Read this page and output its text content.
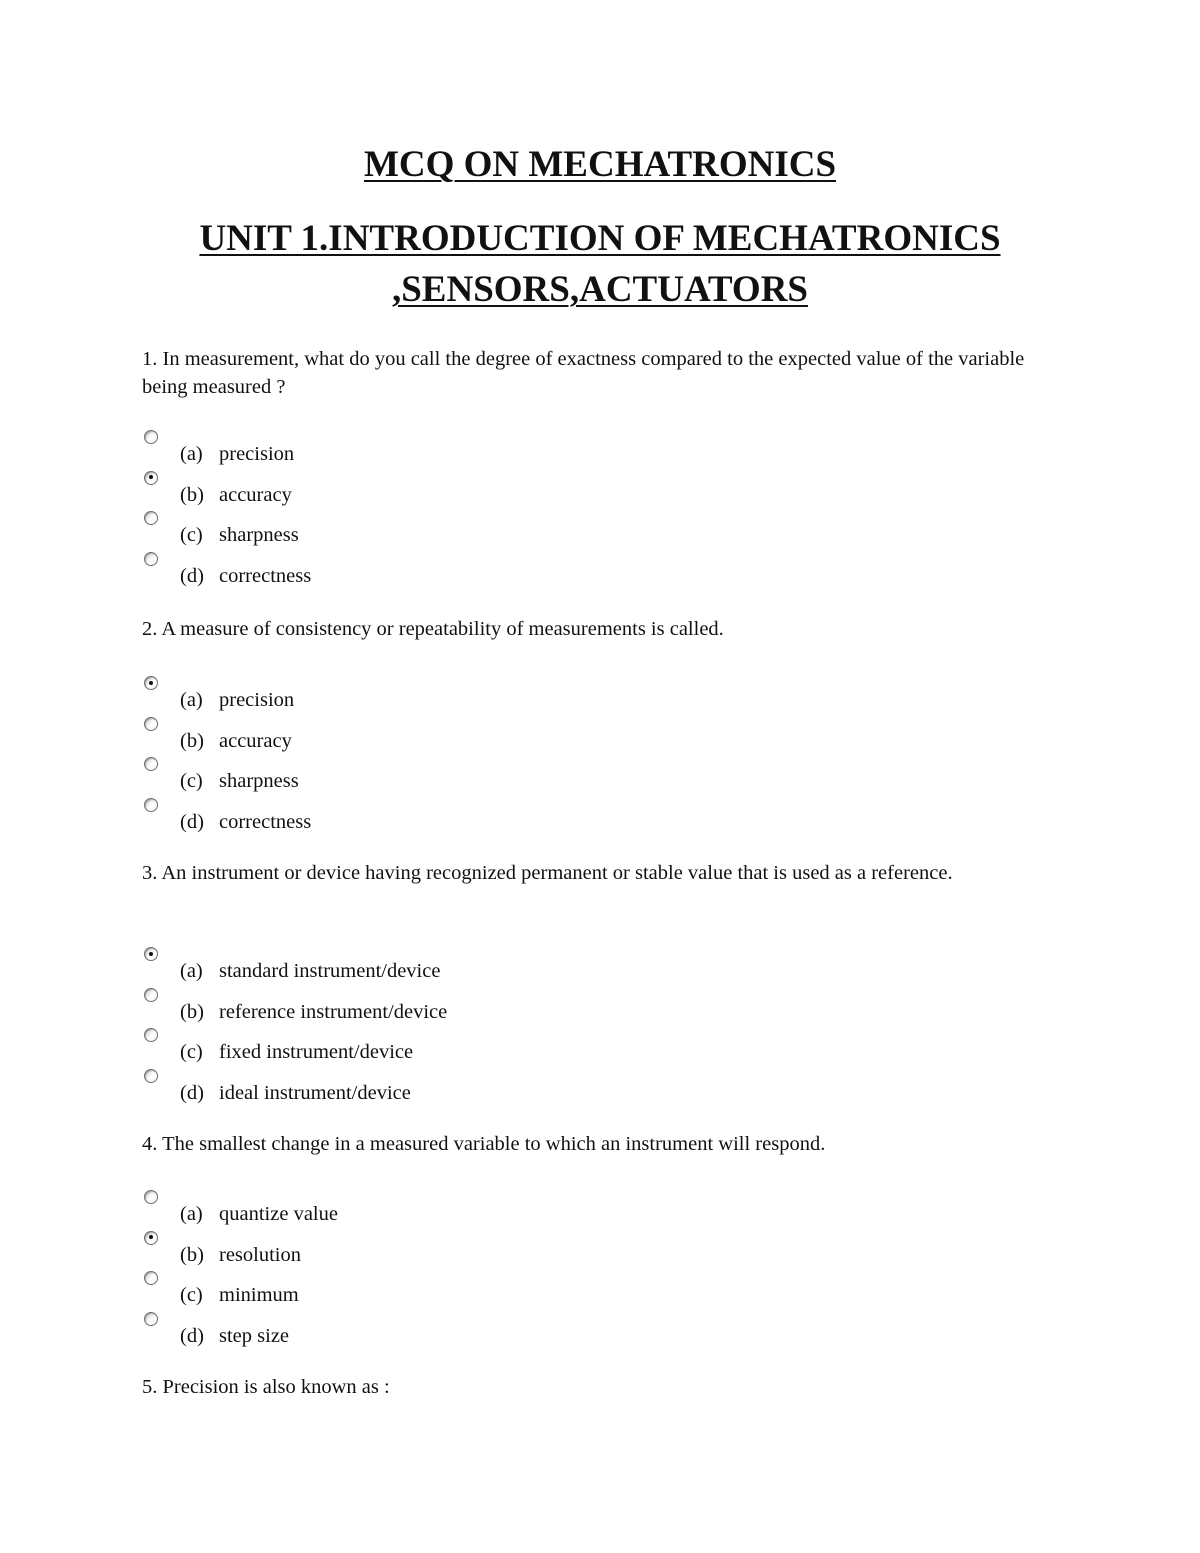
MCQ ON MECHATRONICS
UNIT 1.INTRODUCTION OF MECHATRONICS
,SENSORS,ACTUATORS

1. In measurement, what do you call the degree of exactness compared to the expected value of the variable being measured ?

(a) precision
(b) accuracy
(c) sharpness
(d) correctness

2. A measure of consistency or repeatability of measurements is called.

(a) precision
(b) accuracy
(c) sharpness
(d) correctness

3. An instrument or device having recognized permanent or stable value that is used as a reference.

(a) standard instrument/device
(b) reference instrument/device
(c) fixed instrument/device
(d) ideal instrument/device

4. The smallest change in a measured variable to which an instrument will respond.

(a) quantize value
(b) resolution
(c) minimum
(d) step size

5. Precision is also known as :
